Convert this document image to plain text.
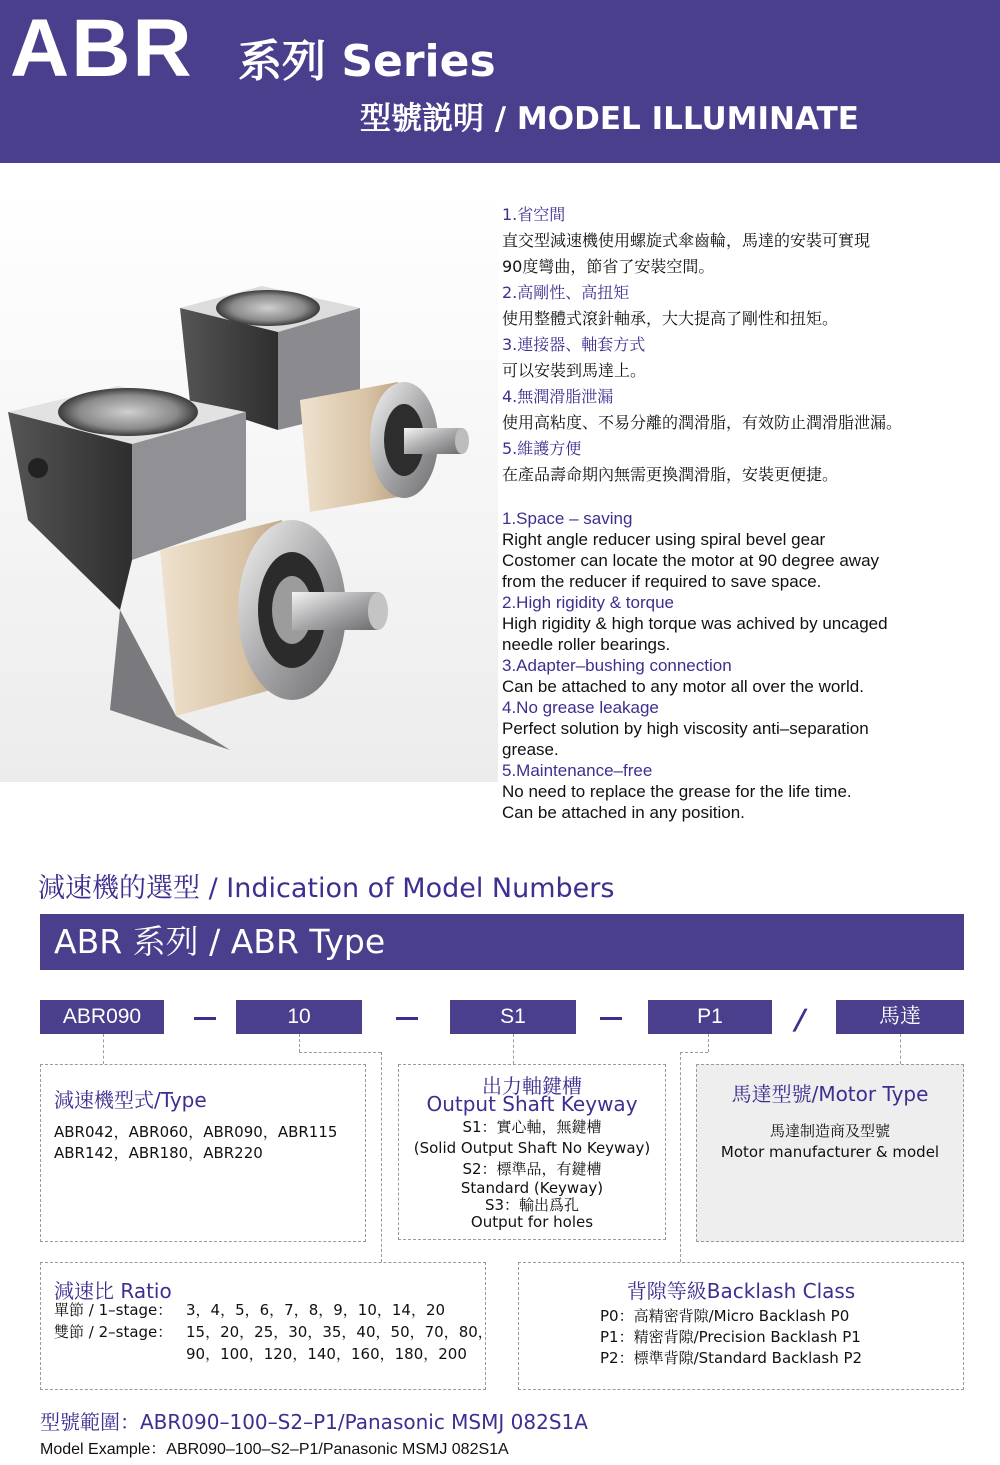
ABR 系列 Series
型號説明 / MODEL ILLUMINATE
1.省空間
直交型減速機使用螺旋式傘齒輪，馬達的安裝可實現
90度彎曲，節省了安裝空間。
2.高剛性、高扭矩
使用整體式滾針軸承，大大提高了剛性和扭矩。
3.連接器、軸套方式
可以安裝到馬達上。
4.無潤滑脂泄漏
使用高粘度、不易分離的潤滑脂，有效防止潤滑脂泄漏。
5.維護方便
在產品壽命期內無需更換潤滑脂，安裝更便捷。
1.Space – saving
Right angle reducer using spiral bevel gear
Costomer can locate the motor at 90 degree away
from the reducer if required to save space.
2.High rigidity & torque
High rigidity & high torque was achived by uncaged
needle roller bearings.
3.Adapter–bushing connection
Can be attached to any motor all over the world.
4.No grease leakage
Perfect solution by high viscosity anti–separation
grease.
5.Maintenance–free
No need to replace the grease for the life time.
Can be attached in any position.
減速機的選型 / Indication of Model Numbers
ABR 系列 / ABR Type
ABR090	10	S1	P1	/	馬達
減速機型式/Type
ABR042，ABR060，ABR090，ABR115
ABR142，ABR180，ABR220
出力軸鍵槽
Output Shaft Keyway
S1：實心軸，無鍵槽
(Solid Output Shaft No Keyway)
S2：標準品，有鍵槽
Standard (Keyway)
S3：輸出爲孔
Output for holes
馬達型號/Motor Type
馬達制造商及型號
Motor manufacturer & model
減速比 Ratio
單節 / 1–stage： 3，4，5，6，7，8，9，10，14，20
雙節 / 2–stage： 15，20，25，30，35，40，50，70，80，
90，100，120，140，160，180，200
背隙等級Backlash Class
P0：高精密背隙/Micro Backlash P0
P1：精密背隙/Precision Backlash P1
P2：標準背隙/Standard Backlash P2
型號範圍：ABR090–100–S2–P1/Panasonic MSMJ 082S1A
Model Example：ABR090–100–S2–P1/Panasonic MSMJ 082S1A
